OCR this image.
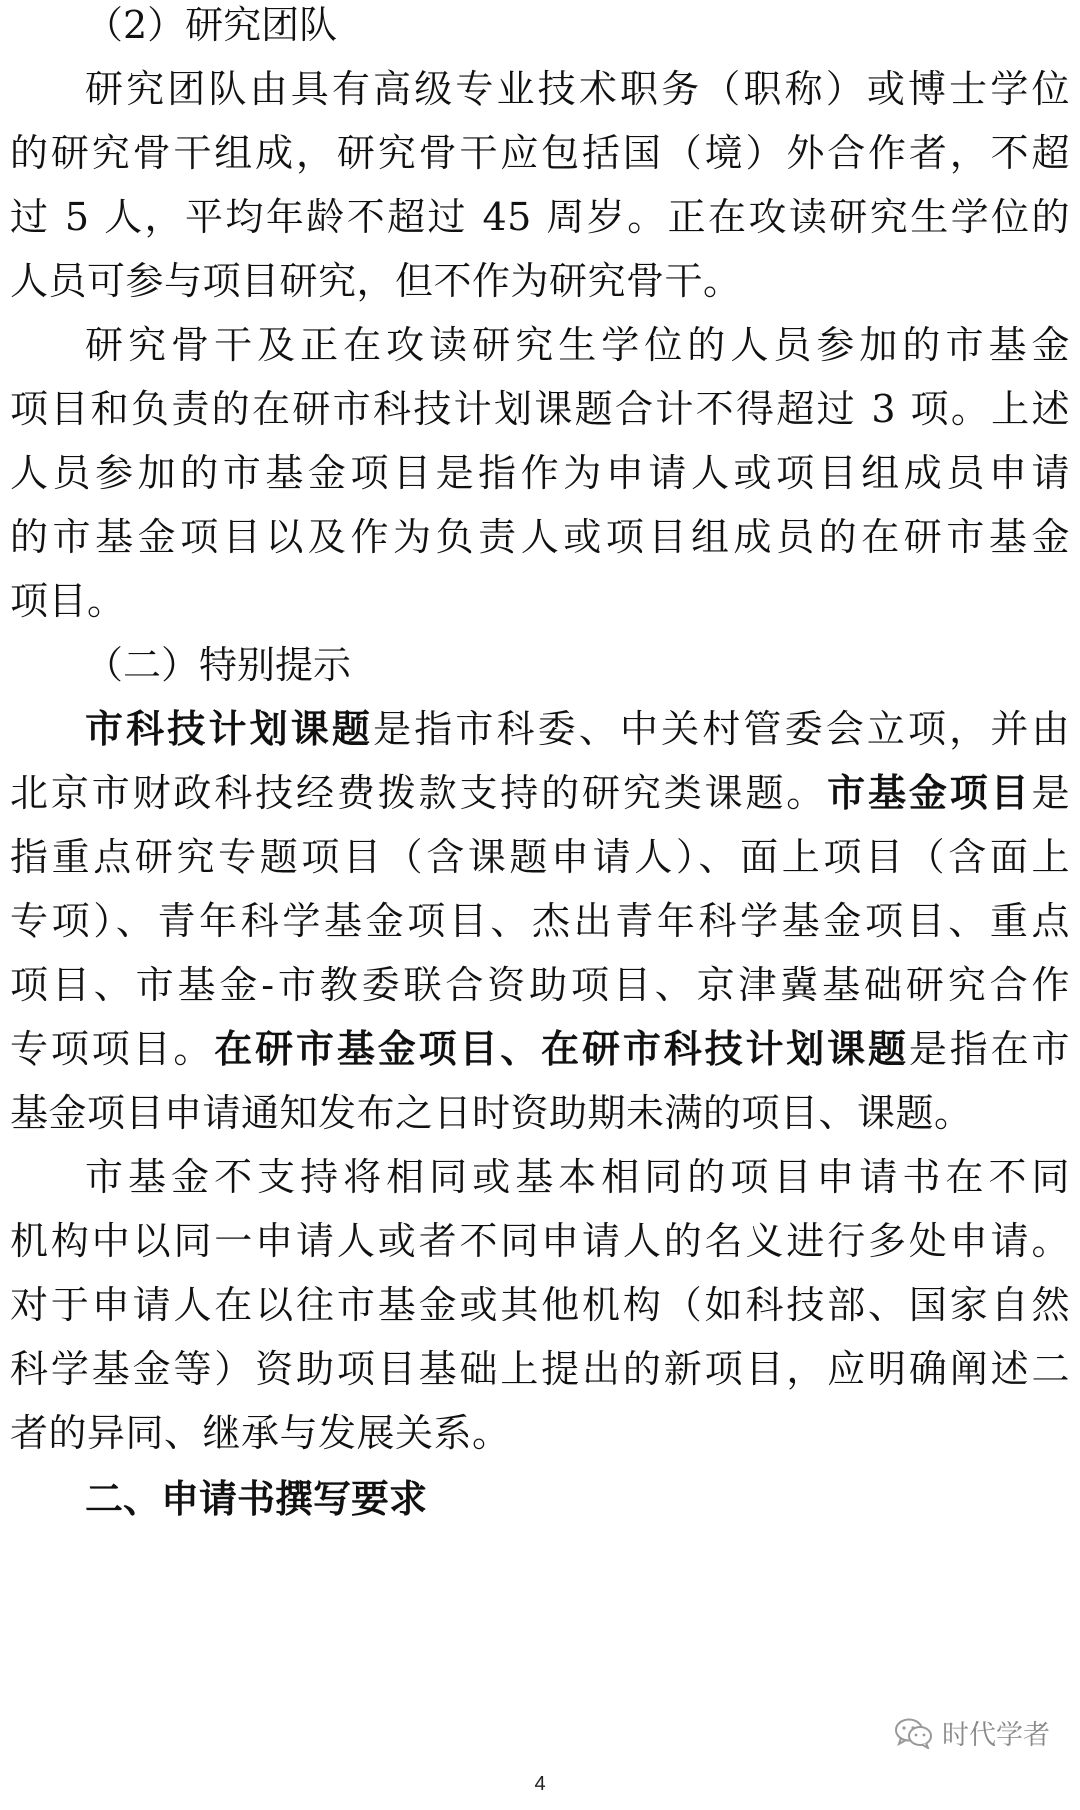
（2）研究团队
研究团队由具有高级专业技术职务（职称）或博士学位
的研究骨干组成，研究骨干应包括国（境）外合作者，不超
过 5 人，平均年龄不超过 45 周岁。正在攻读研究生学位的
人员可参与项目研究，但不作为研究骨干。
研究骨干及正在攻读研究生学位的人员参加的市基金
项目和负责的在研市科技计划课题合计不得超过 3 项。上述
人员参加的市基金项目是指作为申请人或项目组成员申请
的市基金项目以及作为负责人或项目组成员的在研市基金
项目。
（二）特别提示
市科技计划课题是指市科委、中关村管委会立项，并由
北京市财政科技经费拨款支持的研究类课题。市基金项目是
指重点研究专题项目（含课题申请人）、面上项目（含面上
专项）、青年科学基金项目、杰出青年科学基金项目、重点
项目、市基金-市教委联合资助项目、京津冀基础研究合作
专项项目。在研市基金项目、在研市科技计划课题是指在市
基金项目申请通知发布之日时资助期未满的项目、课题。
市基金不支持将相同或基本相同的项目申请书在不同
机构中以同一申请人或者不同申请人的名义进行多处申请。
对于申请人在以往市基金或其他机构（如科技部、国家自然
科学基金等）资助项目基础上提出的新项目，应明确阐述二
者的异同、继承与发展关系。
二、申请书撰写要求
时代学者
4
